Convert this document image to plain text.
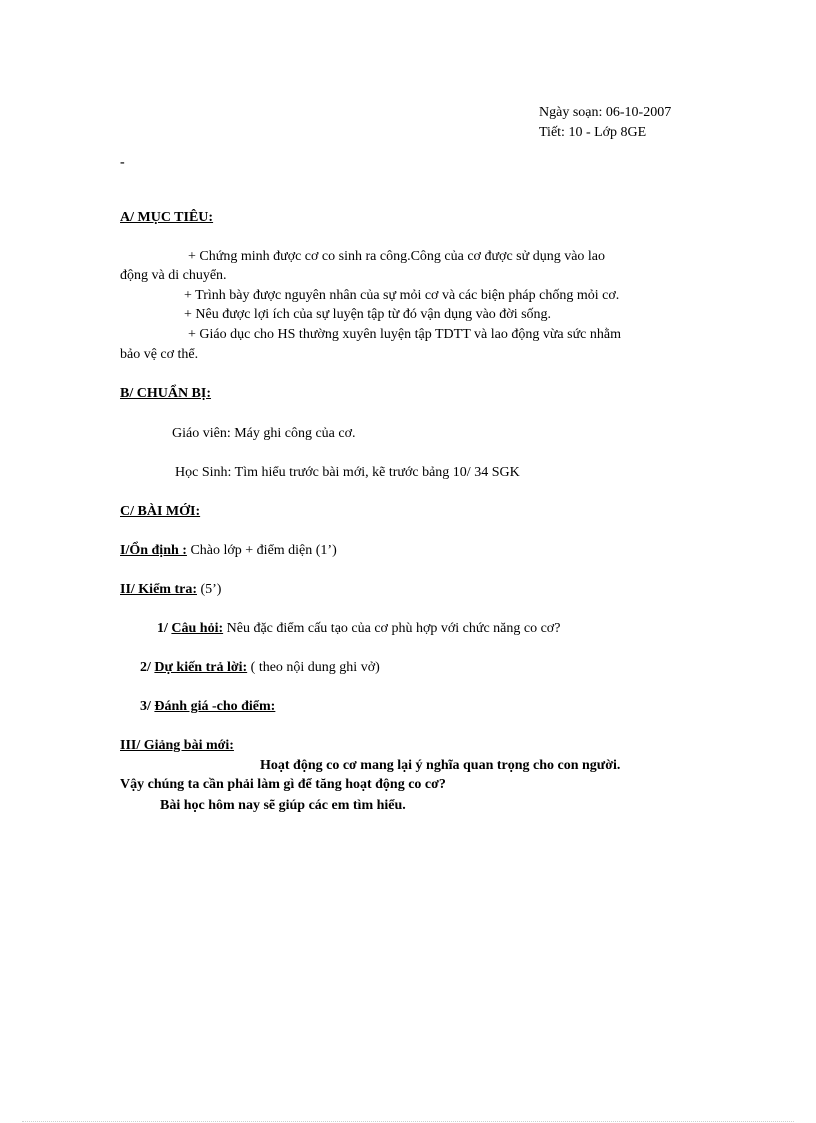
Ngày soạn: 06-10-2007
Tiết: 10 - Lớp 8GE
-
A/ MỤC TIÊU:
+ Chứng minh được cơ co sinh ra công.Công của cơ được sử dụng vào lao
động và di chuyển.
+ Trình bày được nguyên nhân của sự mỏi cơ và các biện pháp chống mỏi cơ.
+ Nêu được lợi ích của sự luyện tập từ đó vận dụng vào đời sống.
+ Giáo dục cho HS thường xuyên luyện tập TDTT và lao động vừa sức nhằm
bảo vệ cơ thể.
B/ CHUẨN BỊ:
Giáo viên: Máy ghi công của cơ.
Học Sinh: Tìm hiểu trước bài mới, kẽ trước bảng 10/ 34 SGK
C/ BÀI MỚI:
I/Ổn định : Chào lớp + điểm diện (1’)
II/ Kiểm tra: (5’)
1/ Câu hỏi: Nêu đặc điểm cấu tạo của cơ phù hợp với chức năng co cơ?
2/ Dự kiến trả lời: ( theo nội dung ghi vở)
3/ Đánh giá -cho điểm:
III/ Giảng bài mới:
Hoạt động co cơ mang lại ý nghĩa quan trọng cho con người.
Vậy chúng ta cần phải làm gì để tăng hoạt động co cơ?
Bài học hôm nay sẽ giúp các em tìm hiểu.
